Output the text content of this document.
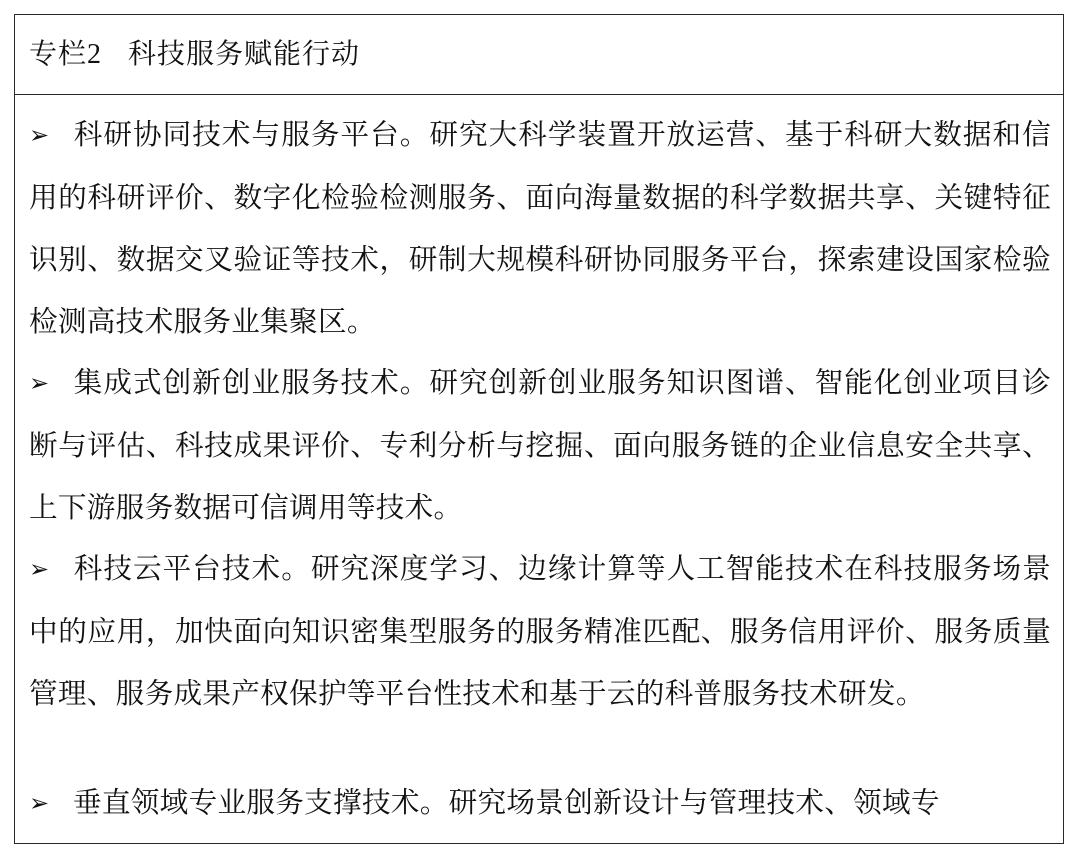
专栏2 科技服务赋能行动
➢ 科研协同技术与服务平台。研究大科学装置开放运营、基于科研大数据和信用的科研评价、数字化检验检测服务、面向海量数据的科学数据共享、关键特征识别、数据交叉验证等技术，研制大规模科研协同服务平台，探索建设国家检验检测高技术服务业集聚区。
➢ 集成式创新创业服务技术。研究创新创业服务知识图谱、智能化创业项目诊断与评估、科技成果评价、专利分析与挖掘、面向服务链的企业信息安全共享、上下游服务数据可信调用等技术。
➢ 科技云平台技术。研究深度学习、边缘计算等人工智能技术在科技服务场景中的应用，加快面向知识密集型服务的服务精准匹配、服务信用评价、服务质量管理、服务成果产权保护等平台性技术和基于云的科普服务技术研发。
➢ 垂直领域专业服务支撑技术。研究场景创新设计与管理技术、领域专
